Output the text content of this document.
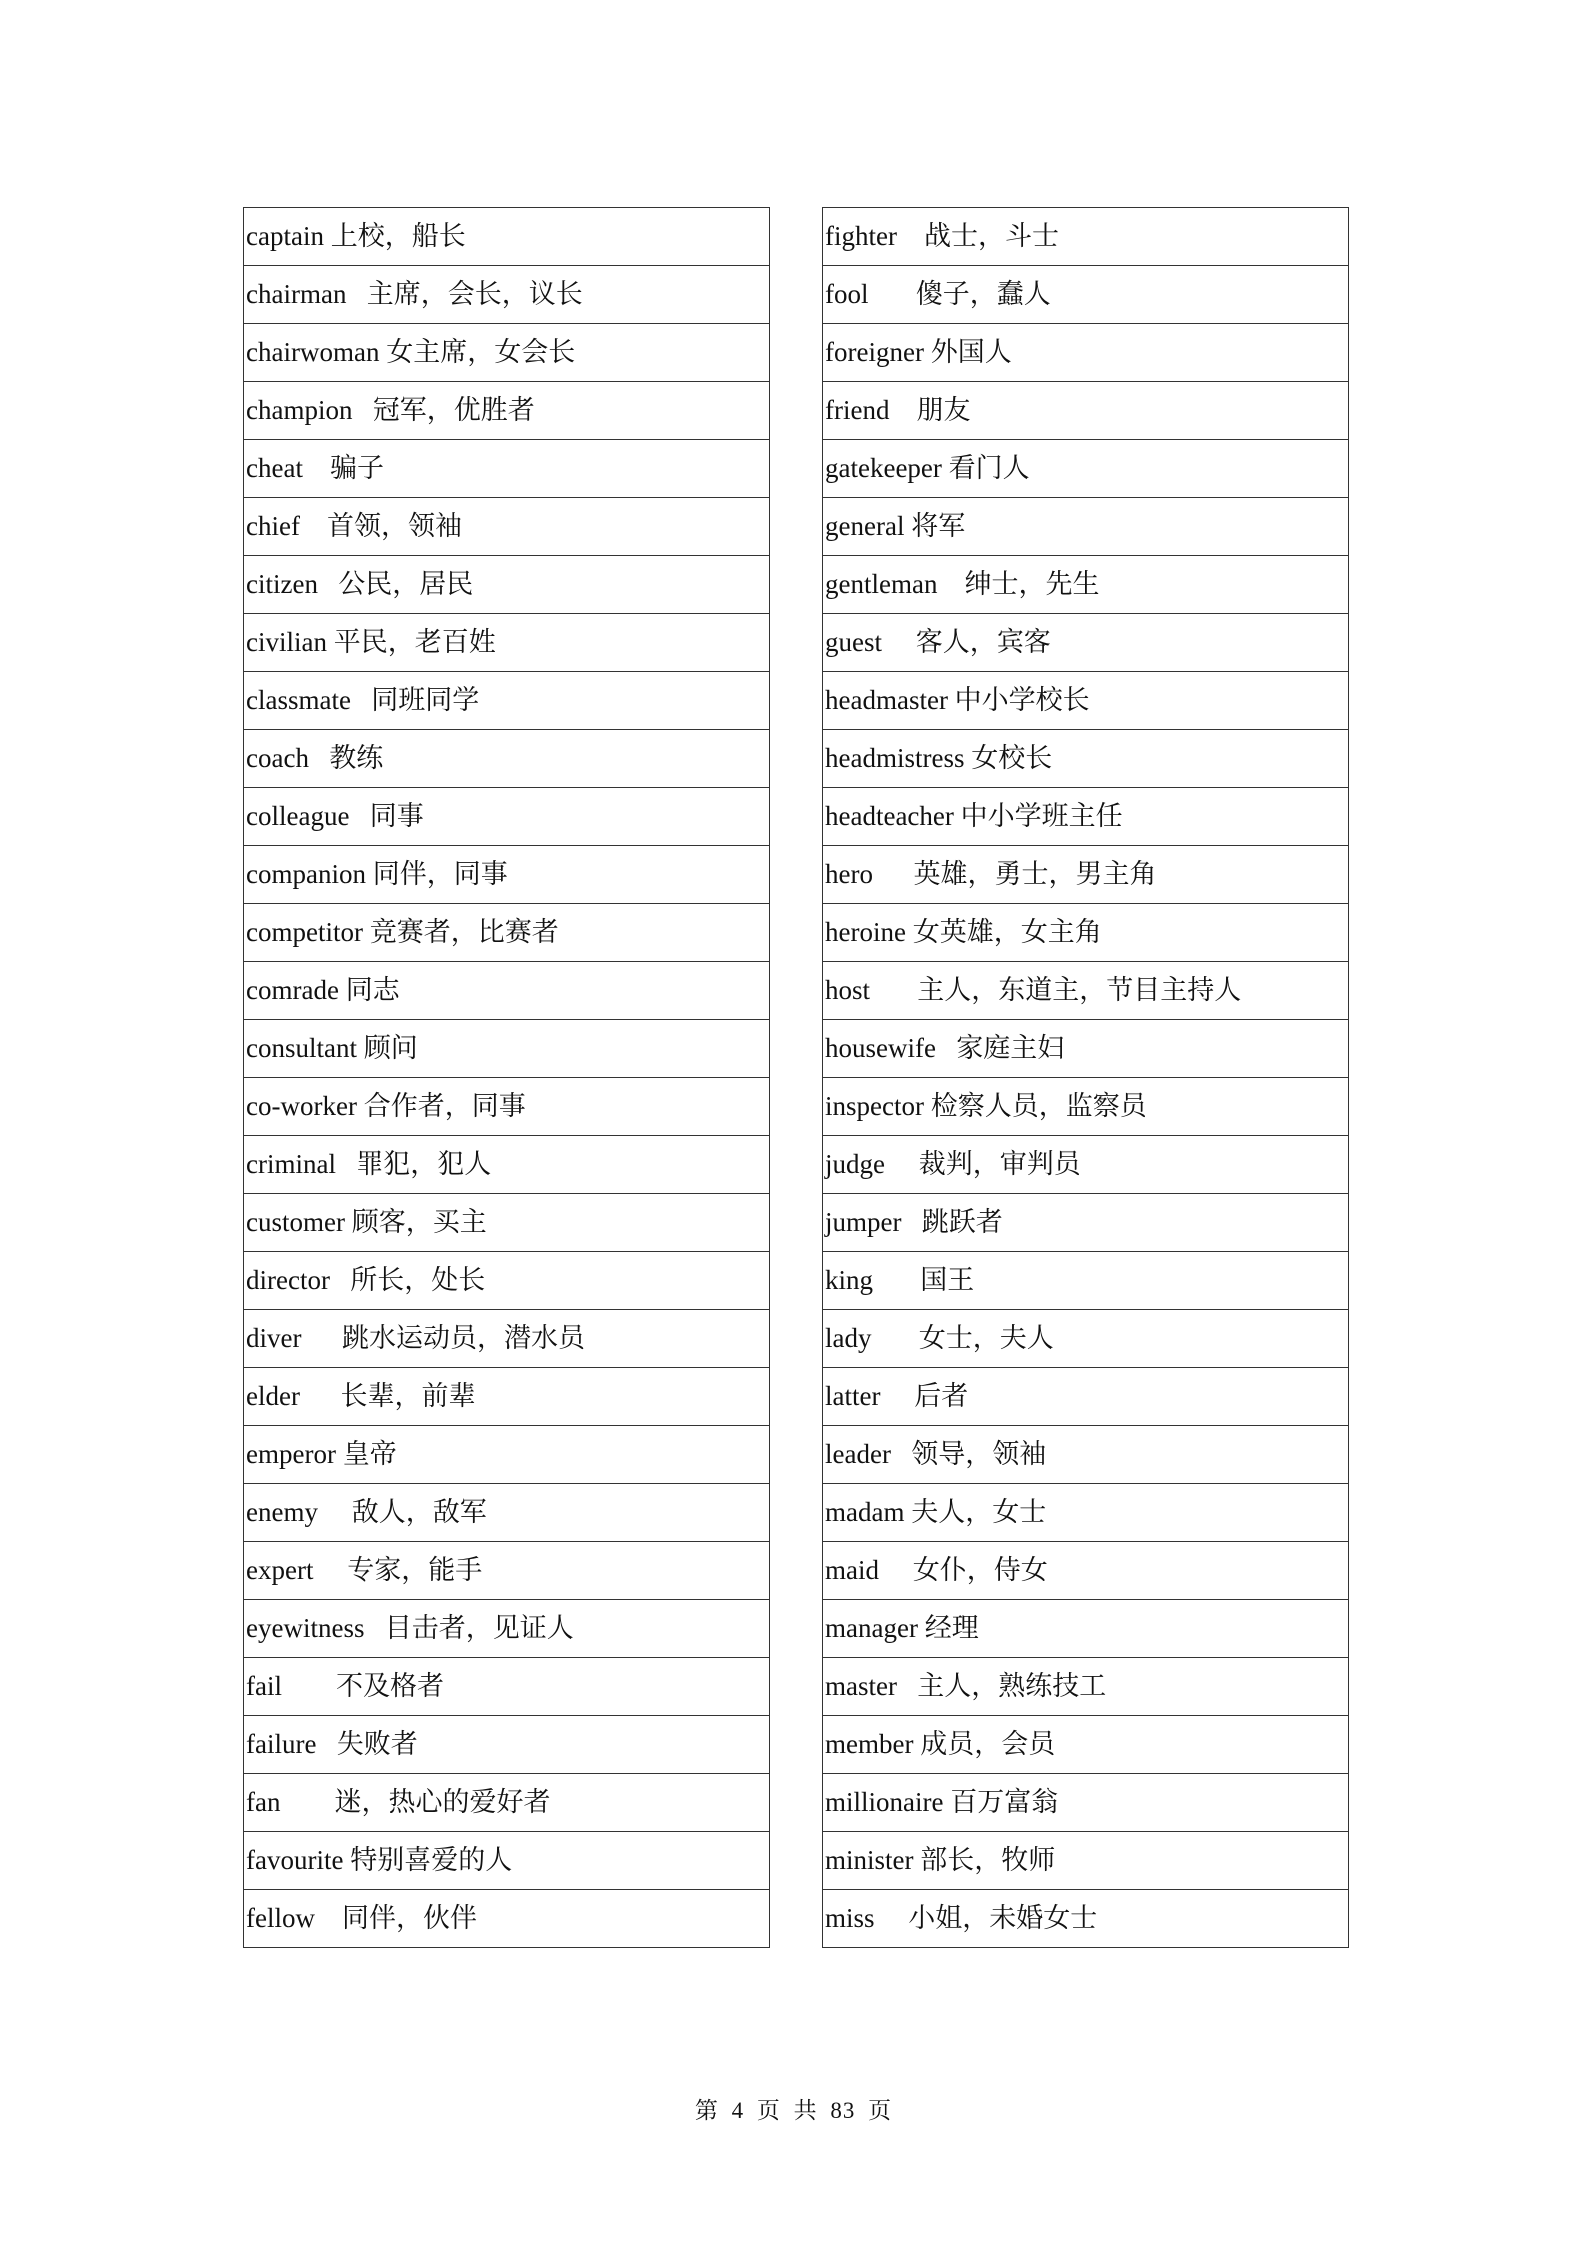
captain 上校，船长
chairman   主席，会长，议长
chairwoman 女主席，女会长
champion   冠军，优胜者
cheat    骗子
chief    首领，领袖
citizen   公民，居民
civilian 平民，老百姓
classmate   同班同学
coach   教练
colleague   同事
companion 同伴，同事
competitor 竞赛者，比赛者
comrade 同志
consultant 顾问
co-worker 合作者，同事
criminal   罪犯，犯人
customer 顾客，买主
director   所长，处长
diver      跳水运动员，潜水员
elder      长辈，前辈
emperor 皇帝
enemy     敌人，敌军
expert     专家，能手
eyewitness   目击者，见证人
fail        不及格者
failure   失败者
fan        迷，热心的爱好者
favourite 特别喜爱的人
fellow    同伴，伙伴
fighter    战士，斗士
fool       傻子，蠢人
foreigner 外国人
friend    朋友
gatekeeper 看门人
general 将军
gentleman    绅士，先生
guest     客人，宾客
headmaster 中小学校长
headmistress 女校长
headteacher 中小学班主任
hero      英雄，勇士，男主角
heroine 女英雄，女主角
host       主人，东道主，节目主持人
housewife   家庭主妇
inspector 检察人员，监察员
judge     裁判，审判员
jumper   跳跃者
king       国王
lady       女士，夫人
latter     后者
leader   领导，领袖
madam 夫人，女士
maid     女仆，侍女
manager 经理
master   主人，熟练技工
member 成员，会员
millionaire 百万富翁
minister 部长，牧师
miss     小姐，未婚女士
第 4 页 共 83 页
